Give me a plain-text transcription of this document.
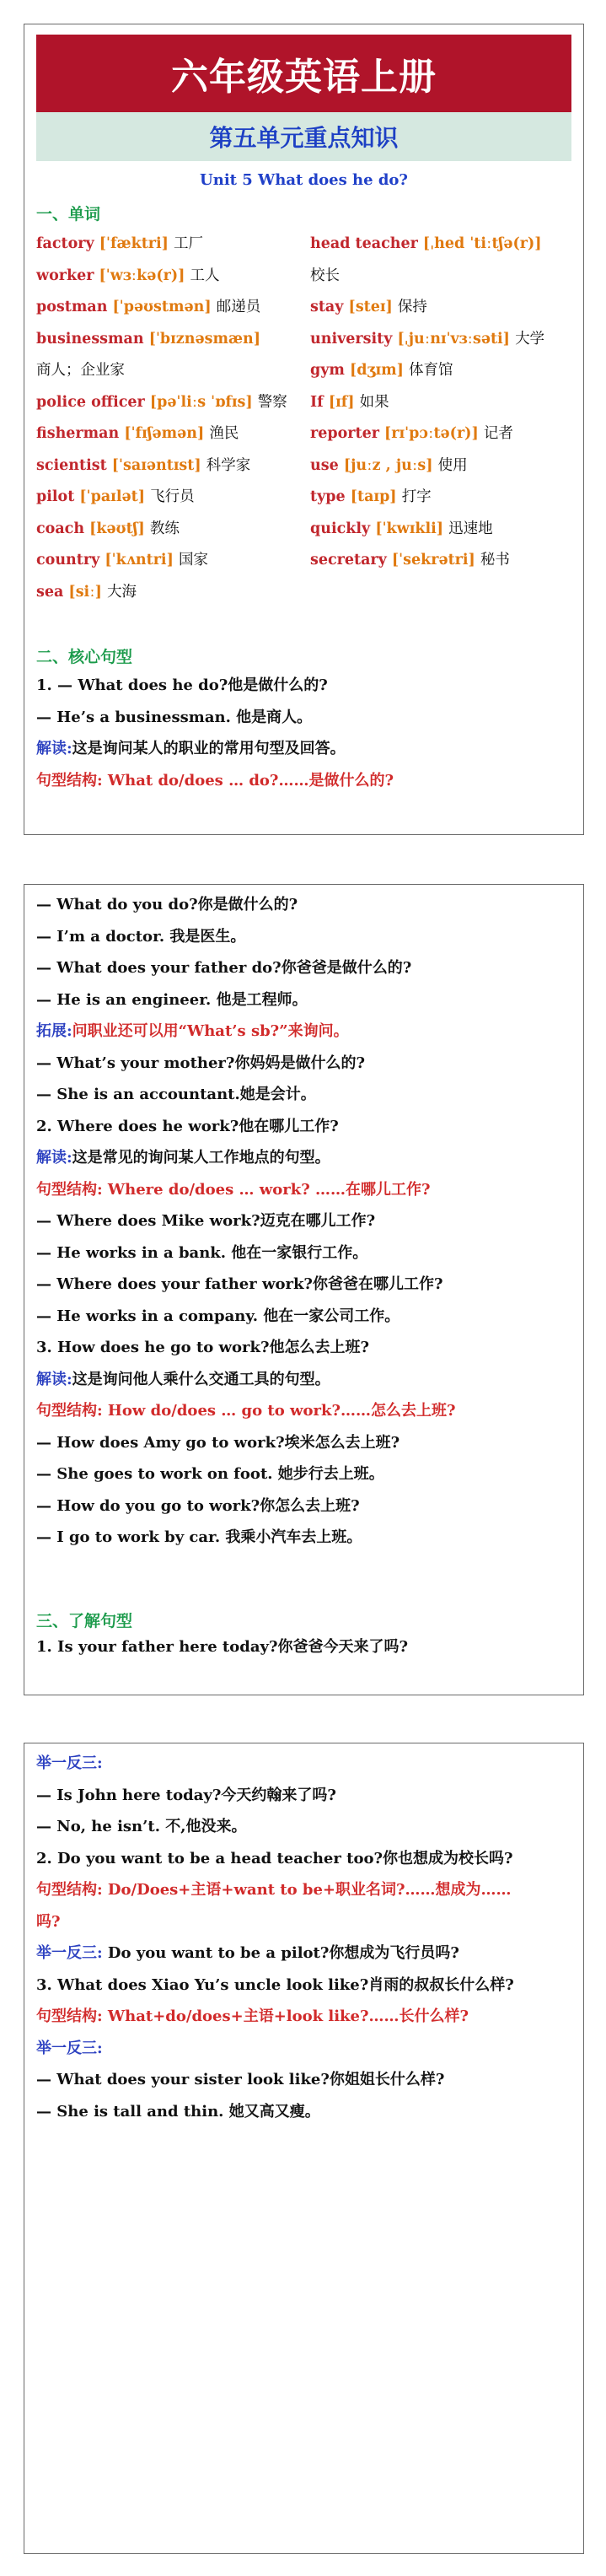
六年级英语上册
第五单元重点知识
Unit 5 What does he do?
一、单词
factory [ˈfæktri] 工厂
worker [ˈwɜːkə(r)] 工人
postman [ˈpəʊstmən] 邮递员
businessman [ˈbɪznəsmæn]
商人；企业家
police officer [pəˈliːs ˈɒfɪs] 警察
fisherman [ˈfɪʃəmən] 渔民
scientist [ˈsaɪəntɪst] 科学家
pilot [ˈpaɪlət] 飞行员
coach [kəʊtʃ] 教练
country [ˈkʌntri] 国家
sea [siː] 大海
head teacher [ˌhed ˈtiːtʃə(r)]
校长
stay [steɪ] 保持
university [ˌjuːnɪˈvɜːsəti] 大学
gym [dʒɪm] 体育馆
If [ɪf] 如果
reporter [rɪˈpɔːtə(r)] 记者
use [juːz , juːs] 使用
type [taɪp] 打字
quickly [ˈkwɪkli] 迅速地
secretary [ˈsekrətri] 秘书
二、核心句型
1. — What does he do?他是做什么的?
— He’s a businessman. 他是商人。
解读:这是询问某人的职业的常用句型及回答。
句型结构: What do/does … do?……是做什么的?
— What do you do?你是做什么的?
— I’m a doctor. 我是医生。
— What does your father do?你爸爸是做什么的?
— He is an engineer. 他是工程师。
拓展:问职业还可以用“What’s sb?”来询问。
— What’s your mother?你妈妈是做什么的?
— She is an accountant.她是会计。
2. Where does he work?他在哪儿工作?
解读:这是常见的询问某人工作地点的句型。
句型结构: Where do/does … work? ……在哪儿工作?
— Where does Mike work?迈克在哪儿工作?
— He works in a bank. 他在一家银行工作。
— Where does your father work?你爸爸在哪儿工作?
— He works in a company. 他在一家公司工作。
3. How does he go to work?他怎么去上班?
解读:这是询问他人乘什么交通工具的句型。
句型结构: How do/does … go to work?……怎么去上班?
— How does Amy go to work?埃米怎么去上班?
— She goes to work on foot. 她步行去上班。
— How do you go to work?你怎么去上班?
— I go to work by car. 我乘小汽车去上班。
三、了解句型
1. Is your father here today?你爸爸今天来了吗?
举一反三:
— Is John here today?今天约翰来了吗?
— No, he isn’t. 不,他没来。
2. Do you want to be a head teacher too?你也想成为校长吗?
句型结构: Do/Does+主语+want to be+职业名词?……想成为……
吗?
举一反三: Do you want to be a pilot?你想成为飞行员吗?
3. What does Xiao Yu’s uncle look like?肖雨的叔叔长什么样?
句型结构: What+do/does+主语+look like?……长什么样?
举一反三:
— What does your sister look like?你姐姐长什么样?
— She is tall and thin. 她又高又瘦。
